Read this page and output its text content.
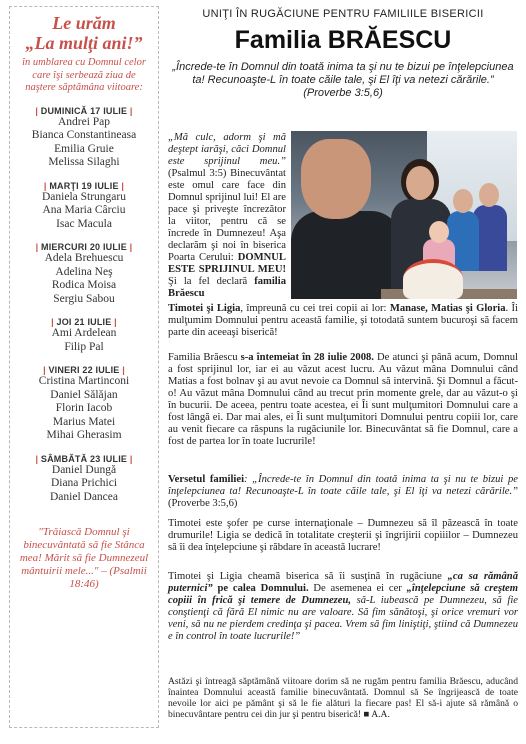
Le urăm
„La mulţi ani!”
în umblarea cu Domnul celor care îşi serbează ziua de naştere săptămâna viitoare:
| DUMINICĂ 17 IULIE |
Andrei Pap
Bianca Constantineasa
Emilia Gruie
Melissa Silaghi
| MARŢI 19 IULIE |
Daniela Strungaru
Ana Maria Cârciu
Isac Macula
| MIERCURI 20 IULIE |
Adela Brehuescu
Adelina Neş
Rodica Moisa
Sergiu Sabou
| JOI 21 IULIE |
Ami Ardelean
Filip Pal
| VINERI 22 IULIE |
Cristina Martinconi
Daniel Sălăjan
Florin Iacob
Marius Matei
Mihai Gherasim
| SÂMBĂTĂ 23 IULIE |
Daniel Dungă
Diana Prichici
Daniel Dancea
"Trăiască Domnul şi binecuvântată să fie Stânca mea! Mărit să fie Dumnezeul mântuirii mele..." – (Psalmii 18:46)
UNIŢI ÎN RUGĂCIUNE PENTRU FAMILIILE BISERICII
Familia BRĂESCU
„Încrede-te în Domnul din toată inima ta şi nu te bizui pe înţelepciunea ta! Recunoaşte-L în toate căile tale, şi El îţi va netezi cărările.” (Proverbe 3:5,6)
„Mă culc, adorm şi mă deştept iarăşi, căci Domnul este sprijinul meu.” (Psalmul 3:5) Binecuvântat este omul care face din Domnul sprijinul lui! El are pace şi priveşte încrezător la viitor, pentru că se încrede în Dumnezeu! Aşa declarăm şi noi în biserica Poarta Cerului: DOMNUL ESTE SPRIJINUL MEU! Şi la fel declară familia Brăescu
Timotei şi Ligia, împreună cu cei trei copii ai lor: Manase, Matias şi Gloria. Îi mulţumim Domnului pentru această familie, şi totodată suntem bucuroşi să facem parte din aceeaşi biserică!
Familia Brăescu s-a întemeiat în 28 iulie 2008. De atunci şi până acum, Domnul a fost sprijinul lor, iar ei au văzut acest lucru. Au văzut mâna Domnului când Matias a fost bolnav şi au avut nevoie ca Domnul să intervină. Şi Domnul a făcut-o! Au văzut mâna Domnului când au trecut prin momente grele, dar au văzut-o şi în bucurii. De aceea, pentru toate acestea, ei Îi sunt mulţumitori Domnului care a fost lângă ei. Dar mai ales, ei Îi sunt mulţumitori Domnului pentru copiii lor, care au venit fiecare ca răspuns la rugăciunile lor. Binecuvântat să fie Domnul, care a fost de partea lor în toate lucrurile!
Versetul familiei: „Încrede-te în Domnul din toată inima ta şi nu te bizui pe înţelepciunea ta! Recunoaşte-L în toate căile tale, şi El îţi va netezi cărările.” (Proverbe 3:5,6)
Timotei este şofer pe curse internaţionale – Dumnezeu să îl păzească în toate drumurile! Ligia se dedică în totalitate creşterii şi îngrijirii copiiilor – Dumnezeu să îi dea înţelepciune şi răbdare în această lucrare!
Timotei şi Ligia cheamă biserica să îi susţină în rugăciune „ca sa rămână puternici” pe calea Domnului. De asemenea ei cer „înţelepciune să creştem copiii în frică şi temere de Dumnezeu, să-L iubească pe Dumnezeu, să fie conştienţi că fără El nimic nu are valoare. Să fim sănătoşi, şi orice vremuri vor veni, să nu ne pierdem credinţa şi pacea. Vrem să fim liniştiţi, ştiind că Dumnezeu e în control în toate lucrurile!”
Astăzi şi întreagă săptămână viitoare dorim să ne rugăm pentru familia Brăescu, aducând înaintea Domnului această familie binecuvântată. Domnul să Se îngrijească de toate nevoile lor aici pe pământ şi să le fie alături la fiecare pas! El să-i ajute să rămână o binecuvântare pentru cei din jur şi pentru biserică! ■ A.A.
